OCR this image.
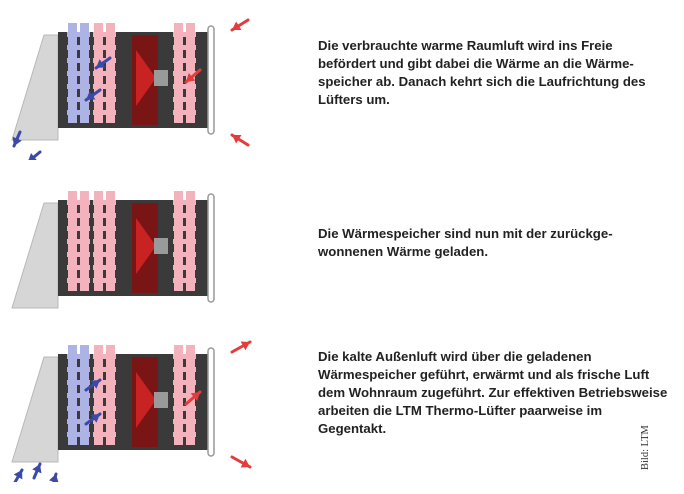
Die verbrauchte warme Raumluft wird ins Freie befördert und gibt dabei die Wärme an die Wärmespeicher ab. Danach kehrt sich die Laufrichtung des Lüfters um.

Die Wärmespeicher sind nun mit der zurückgewonnenen Wärme geladen.

Die kalte Außenluft wird über die geladenen Wärmespeicher geführt, erwärmt und als frische Luft dem Wohnraum zugeführt. Zur effektiven Betriebsweise arbeiten die LTM Thermo-Lüfter paarweise im Gegentakt.	Bild: LTM
